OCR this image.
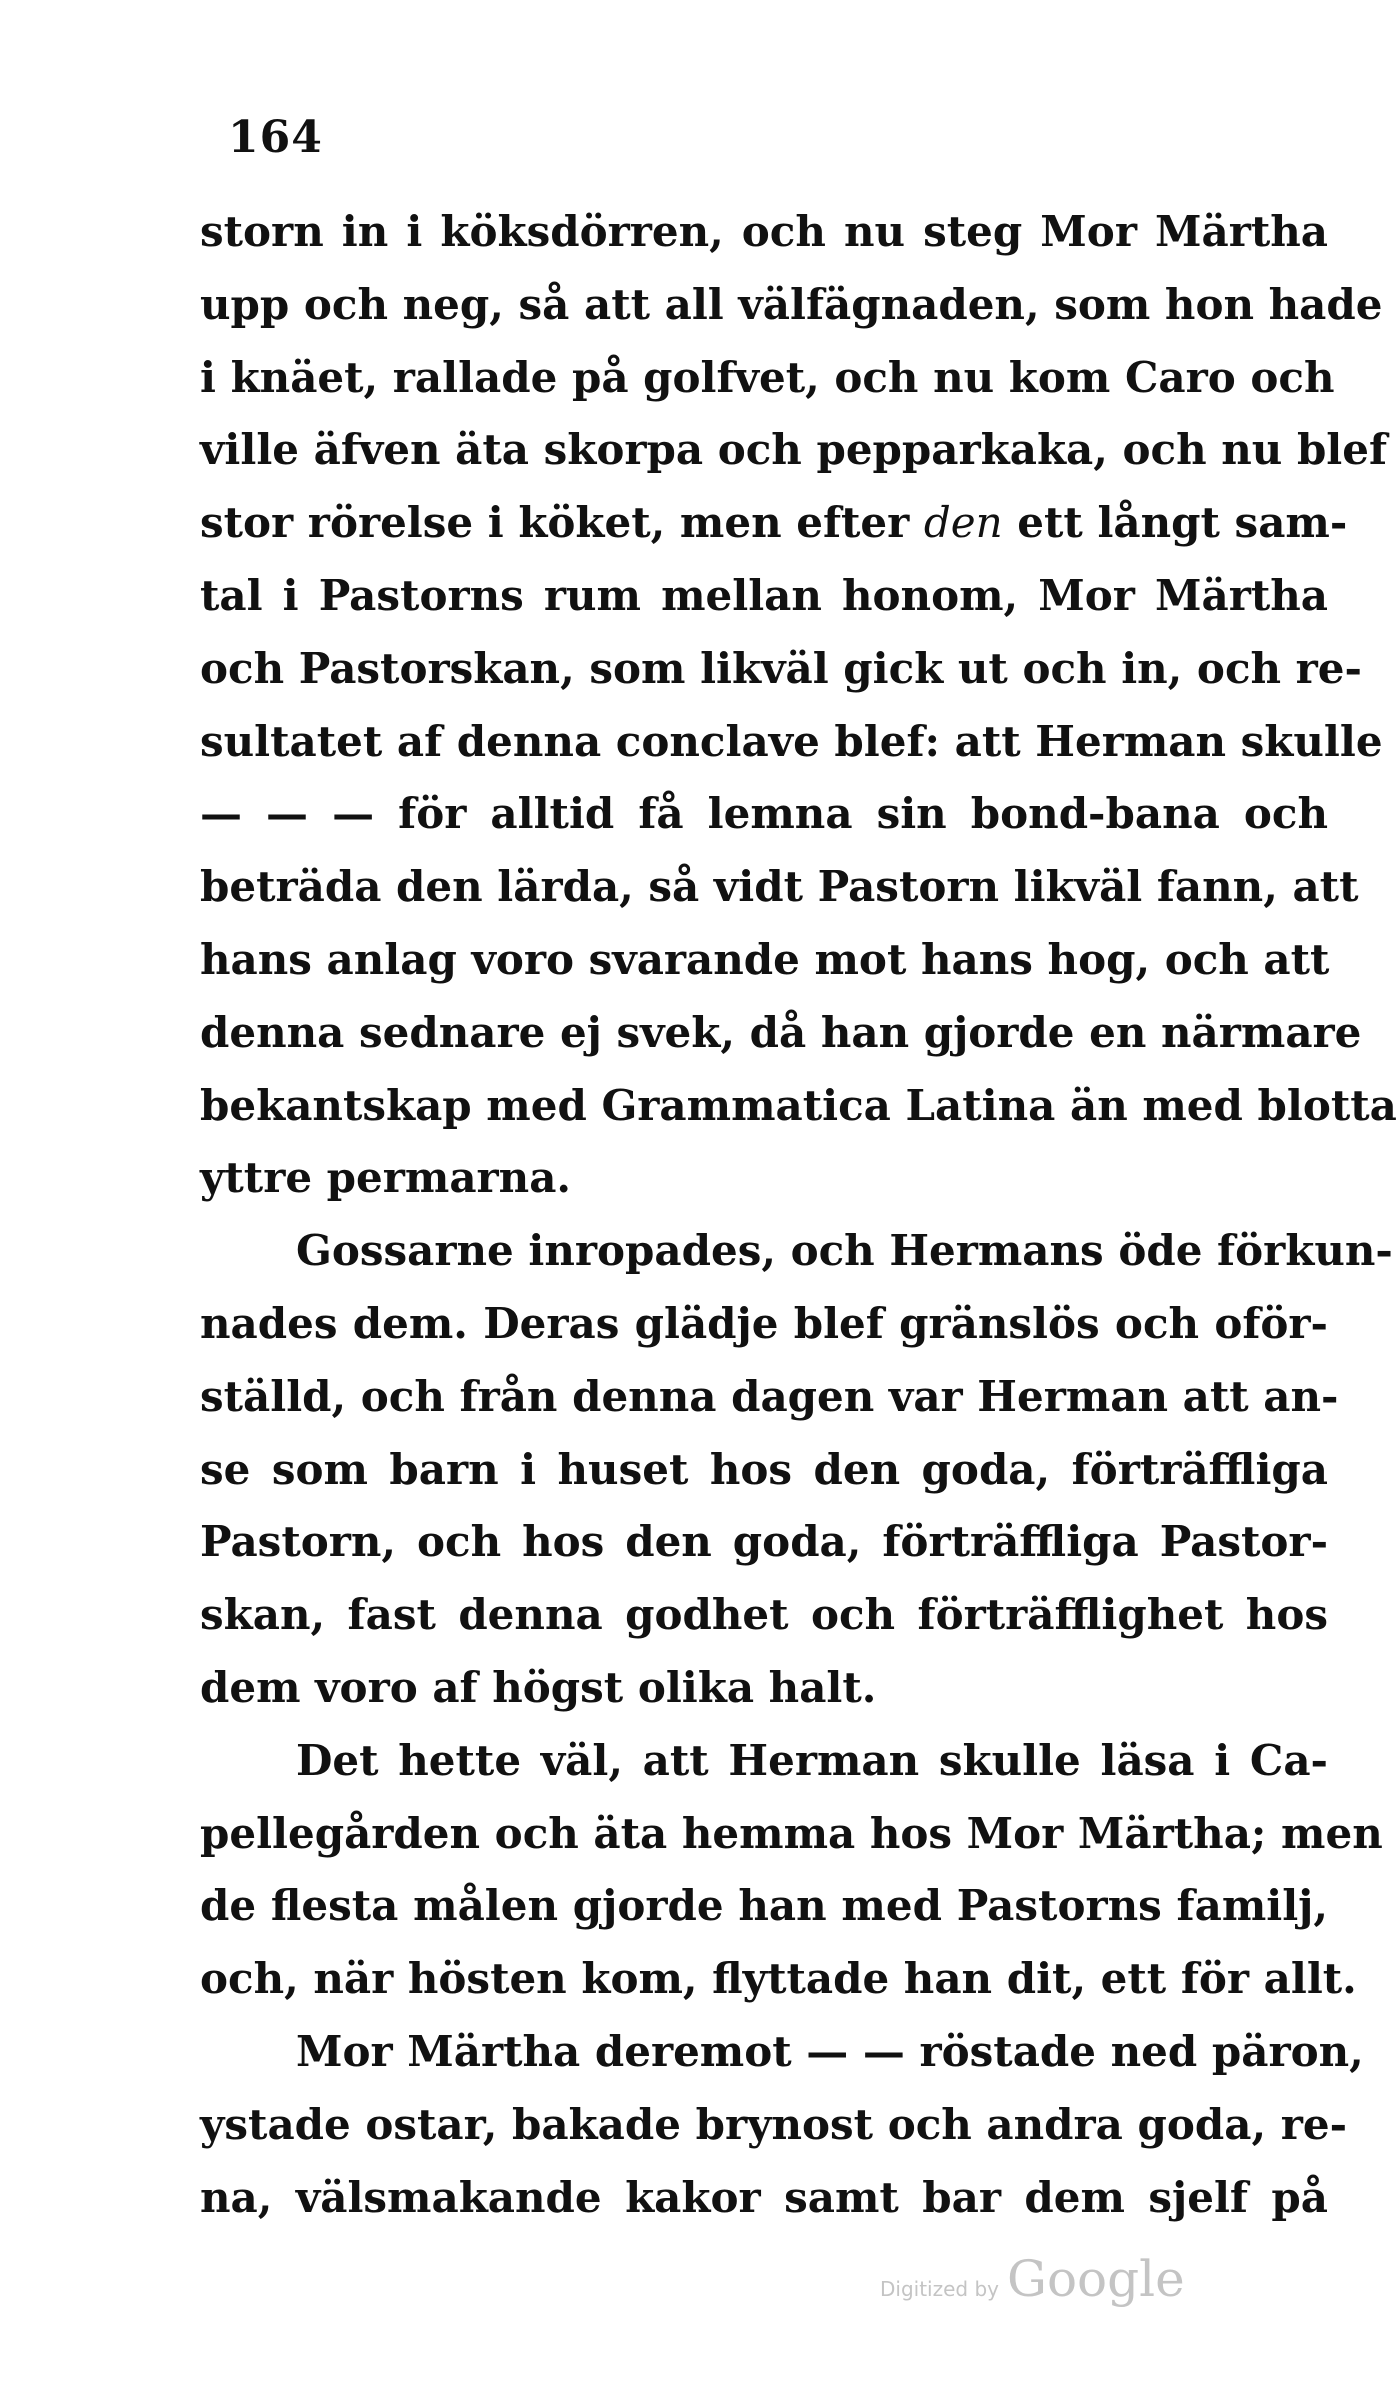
164
storn in i köksdörren, och nu steg Mor Märtha
upp och neg, så att all välfägnaden, som hon hade
i knäet, rallade på golfvet, och nu kom Caro och
ville äfven äta skorpa och pepparkaka, och nu blef
stor rörelse i köket, men efter den ett långt sam-
tal i Pastorns rum mellan honom, Mor Märtha
och Pastorskan, som likväl gick ut och in, och re-
sultatet af denna conclave blef: att Herman skulle
— — — för alltid få lemna sin bond-bana och
beträda den lärda, så vidt Pastorn likväl fann, att
hans anlag voro svarande mot hans hog, och att
denna sednare ej svek, då han gjorde en närmare
bekantskap med Grammatica Latina än med blotta
yttre permarna.
Gossarne inropades, och Hermans öde förkun-
nades dem. Deras glädje blef gränslös och oför-
ställd, och från denna dagen var Herman att an-
se som barn i huset hos den goda, förträffliga
Pastorn, och hos den goda, förträffliga Pastor-
skan, fast denna godhet och förträfflighet hos
dem voro af högst olika halt.
Det hette väl, att Herman skulle läsa i Ca-
pellegården och äta hemma hos Mor Märtha; men
de flesta målen gjorde han med Pastorns familj,
och, när hösten kom, flyttade han dit, ett för allt.
Mor Märtha deremot — — röstade ned päron,
ystade ostar, bakade brynost och andra goda, re-
na, välsmakande kakor samt bar dem sjelf på
Digitized by Google
